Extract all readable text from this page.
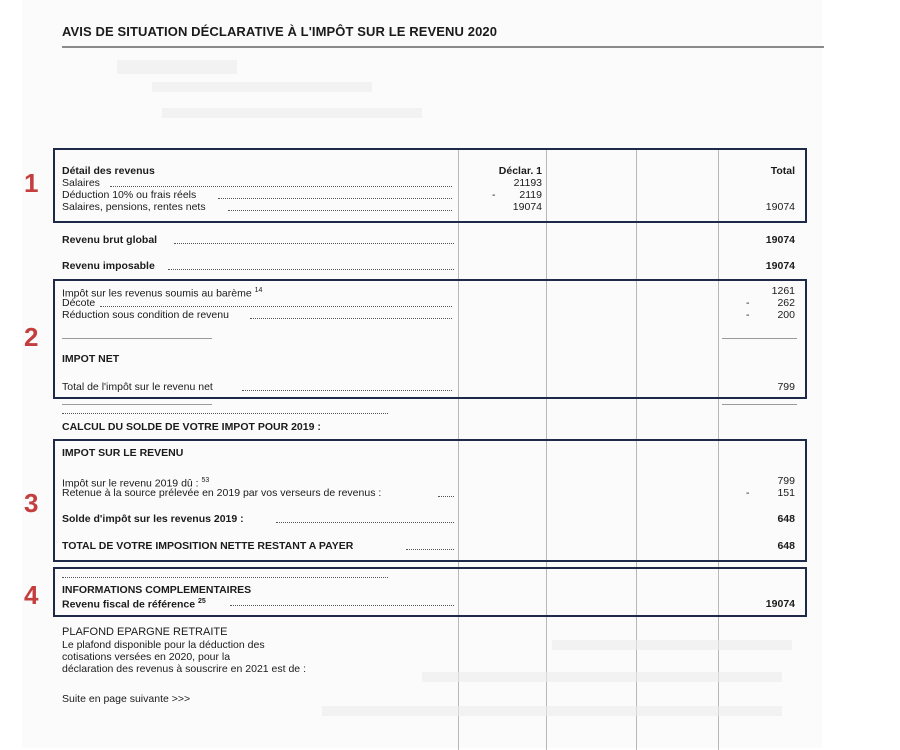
AVIS DE SITUATION DÉCLARATIVE À L'IMPÔT SUR LE REVENU 2020
1 Détail des revenus	Déclar. 1	Total
Salaires	21193
Déduction 10% ou frais réels	-	2119
Salaires, pensions, rentes nets	19074	19074
Revenu brut global	19074
Revenu imposable	19074
2
Impôt sur les revenus soumis au barème $^{14}$	1261
Décote	-	262
Réduction sous condition de revenu	-	200
IMPOT NET
Total de l'impôt sur le revenu net	799
CALCUL DU SOLDE DE VOTRE IMPOT POUR 2019 :
3
IMPOT SUR LE REVENU
Impôt sur le revenu 2019 dû : $^{53}$	799
Retenue à la source prélevée en 2019 par vos verseurs de revenus :	-	151
Solde d'impôt sur les revenus 2019 :	648
TOTAL DE VOTRE IMPOSITION NETTE RESTANT A PAYER	648
4 INFORMATIONS COMPLEMENTAIRES
Revenu fiscal de référence $^{25}$	19074
PLAFOND EPARGNE RETRAITE
Le plafond disponible pour la déduction des
cotisations versées en 2020, pour la
déclaration des revenus à souscrire en 2021 est de :
Suite en page suivante >>>
